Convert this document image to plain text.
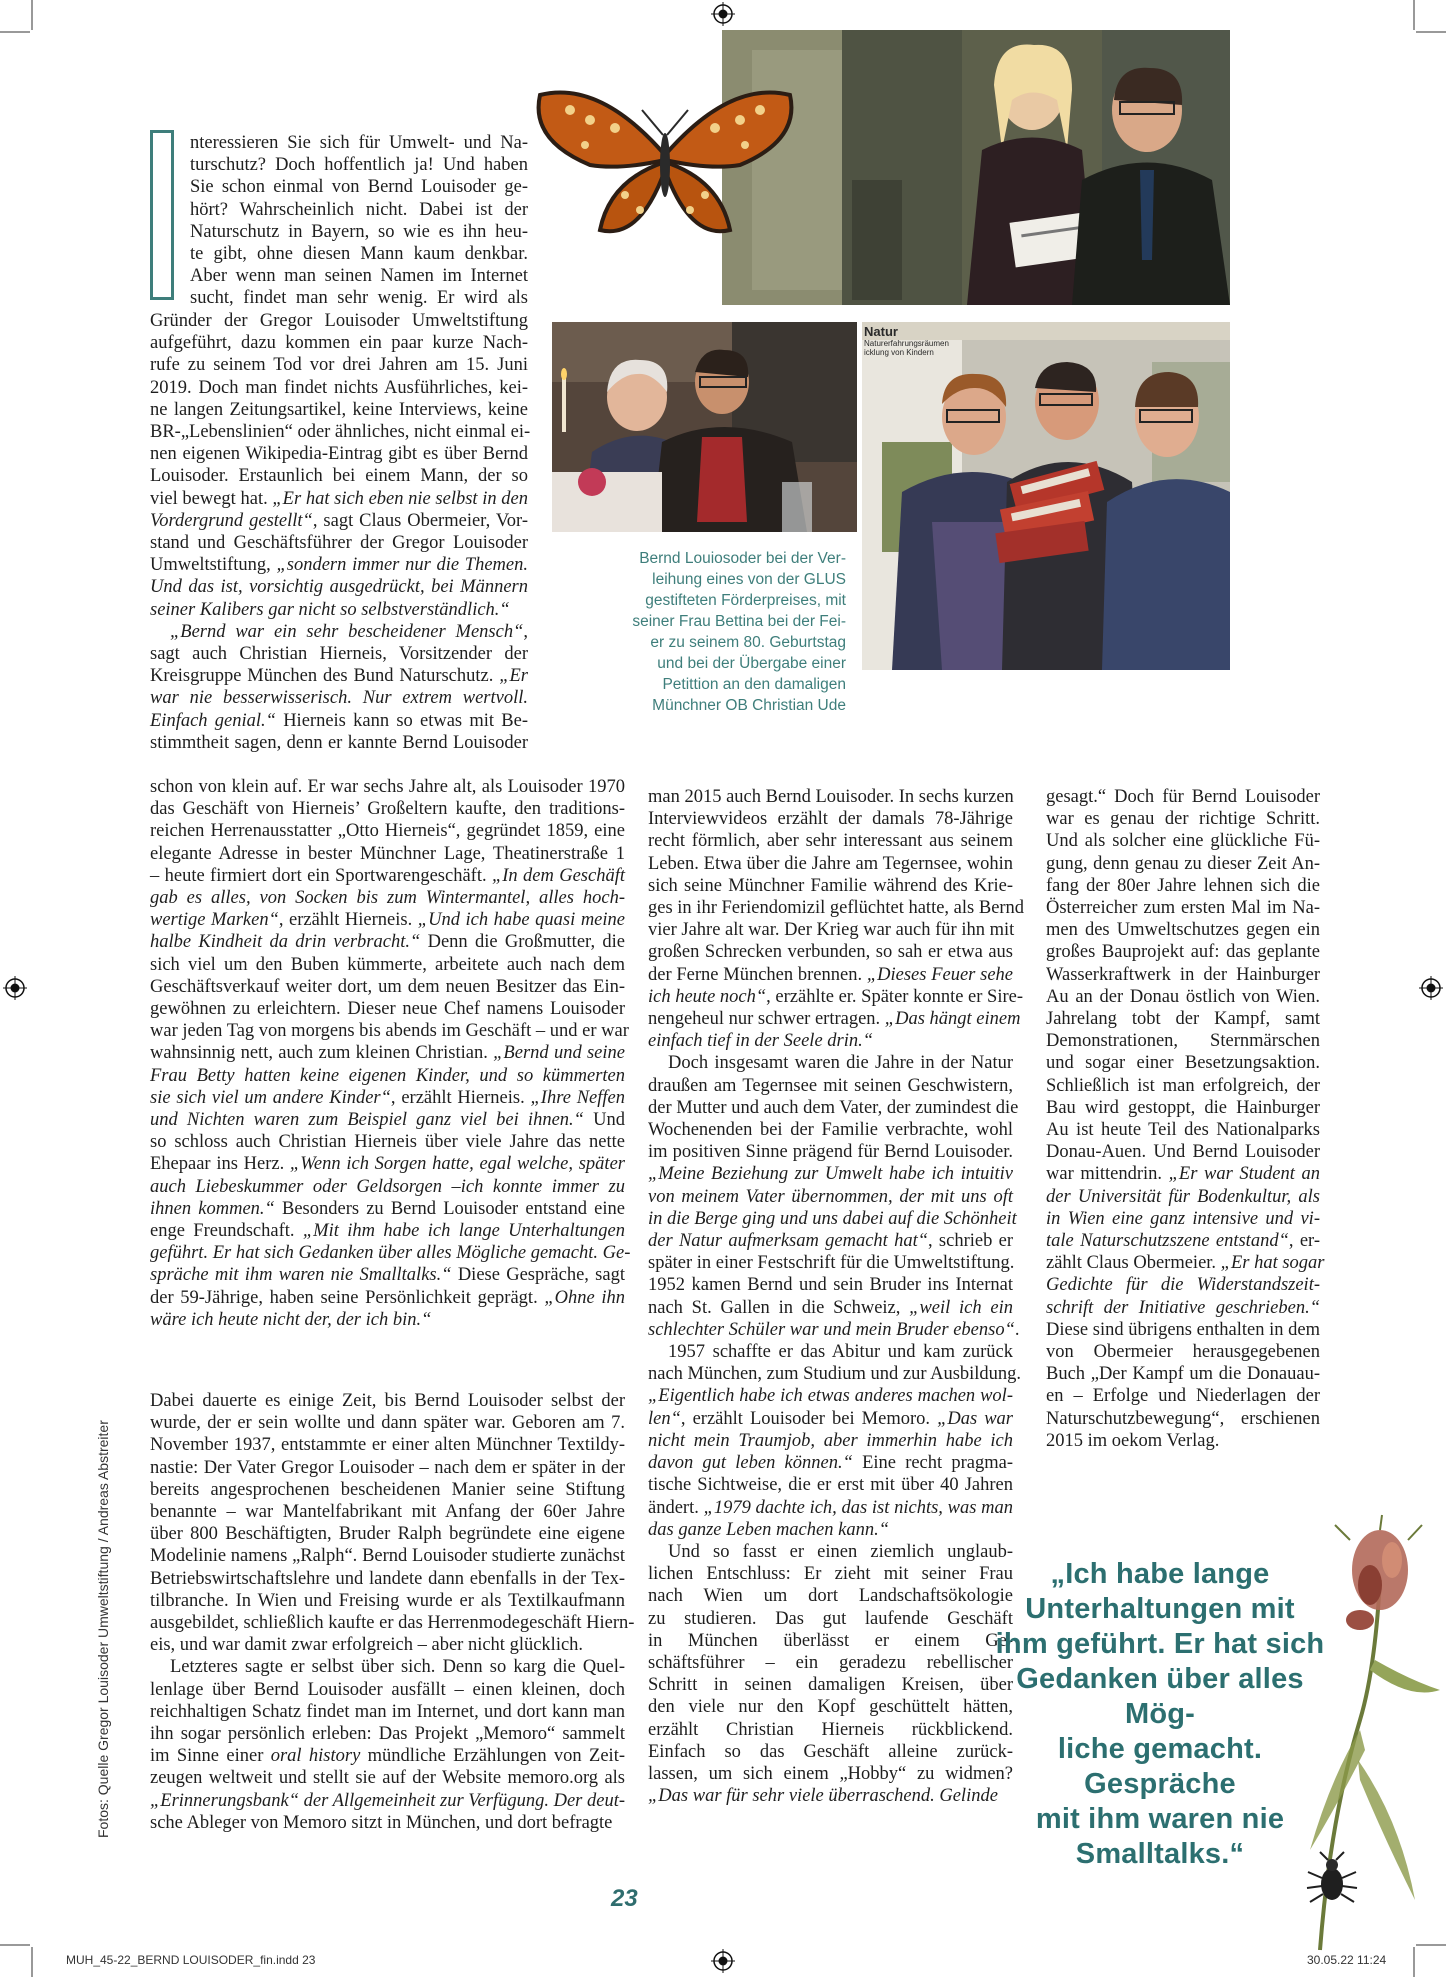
Natur
Naturerfahrungsräumen
icklung von Kindern
Bernd Louiosoder bei der Ver-
leihung eines von der GLUS
gestifteten Förderpreises, mit
seiner Frau Bettina bei der Fei-
er zu seinem 80. Geburtstag
und bei der Übergabe einer
Petittion an den damaligen
Münchner OB Christian Ude
nteressieren Sie sich für Umwelt- und Na-
turschutz? Doch hoffentlich ja! Und haben
Sie schon einmal von Bernd Louisoder ge-
hört? Wahrscheinlich nicht. Dabei ist der
Naturschutz in Bayern, so wie es ihn heu-
te gibt, ohne diesen Mann kaum denkbar.
Aber wenn man seinen Namen im Internet
sucht, findet man sehr wenig. Er wird als
Gründer der Gregor Louisoder Umweltstiftung
aufgeführt, dazu kommen ein paar kurze Nach-
rufe zu seinem Tod vor drei Jahren am 15. Juni
2019. Doch man findet nichts Ausführliches, kei-
ne langen Zeitungsartikel, keine Interviews, keine
BR-„Lebenslinien“ oder ähnliches, nicht einmal ei-
nen eigenen Wikipedia-Eintrag gibt es über Bernd
Louisoder. Erstaunlich bei einem Mann, der so
viel bewegt hat. „Er hat sich eben nie selbst in den
Vordergrund gestellt“, sagt Claus Obermeier, Vor-
stand und Geschäftsführer der Gregor Louisoder
Umweltstiftung, „sondern immer nur die Themen.
Und das ist, vorsichtig ausgedrückt, bei Männern
seiner Kalibers gar nicht so selbstverständlich.“
„Bernd war ein sehr bescheidener Mensch“,
sagt auch Christian Hierneis, Vorsitzender der
Kreisgruppe München des Bund Naturschutz. „Er
war nie besserwisserisch. Nur extrem wertvoll.
Einfach genial.“ Hierneis kann so etwas mit Be-
stimmtheit sagen, denn er kannte Bernd Louisoder
schon von klein auf. Er war sechs Jahre alt, als Louisoder 1970
das Geschäft von Hierneis’ Großeltern kaufte, den traditions-
reichen Herrenausstatter „Otto Hierneis“, gegründet 1859, eine
elegante Adresse in bester Münchner Lage, Theatinerstraße 1
– heute firmiert dort ein Sportwarengeschäft. „In dem Geschäft
gab es alles, von Socken bis zum Wintermantel, alles hoch-
wertige Marken“, erzählt Hierneis. „Und ich habe quasi meine
halbe Kindheit da drin verbracht.“ Denn die Großmutter, die
sich viel um den Buben kümmerte, arbeitete auch nach dem
Geschäftsverkauf weiter dort, um dem neuen Besitzer das Ein-
gewöhnen zu erleichtern. Dieser neue Chef namens Louisoder
war jeden Tag von morgens bis abends im Geschäft – und er war
wahnsinnig nett, auch zum kleinen Christian. „Bernd und seine
Frau Betty hatten keine eigenen Kinder, und so kümmerten
sie sich viel um andere Kinder“, erzählt Hierneis. „Ihre Neffen
und Nichten waren zum Beispiel ganz viel bei ihnen.“ Und
so schloss auch Christian Hierneis über viele Jahre das nette
Ehepaar ins Herz. „Wenn ich Sorgen hatte, egal welche, später
auch Liebeskummer oder Geldsorgen –ich konnte immer zu
ihnen kommen.“ Besonders zu Bernd Louisoder entstand eine
enge Freundschaft. „Mit ihm habe ich lange Unterhaltungen
geführt. Er hat sich Gedanken über alles Mögliche gemacht. Ge-
spräche mit ihm waren nie Smalltalks.“ Diese Gespräche, sagt
der 59-Jährige, haben seine Persönlichkeit geprägt. „Ohne ihn
wäre ich heute nicht der, der ich bin.“
Dabei dauerte es einige Zeit, bis Bernd Louisoder selbst der
wurde, der er sein wollte und dann später war. Geboren am 7.
November 1937, entstammte er einer alten Münchner Textildy-
nastie: Der Vater Gregor Louisoder – nach dem er später in der
bereits angesprochenen bescheidenen Manier seine Stiftung
benannte – war Mantelfabrikant mit Anfang der 60er Jahre
über 800 Beschäftigten, Bruder Ralph begründete eine eigene
Modelinie namens „Ralph“. Bernd Louisoder studierte zunächst
Betriebswirtschaftslehre und landete dann ebenfalls in der Tex-
tilbranche. In Wien und Freising wurde er als Textilkaufmann
ausgebildet, schließlich kaufte er das Herrenmodegeschäft Hiern-
eis, und war damit zwar erfolgreich – aber nicht glücklich.
Letzteres sagte er selbst über sich. Denn so karg die Quel-
lenlage über Bernd Louisoder ausfällt – einen kleinen, doch
reichhaltigen Schatz findet man im Internet, und dort kann man
ihn sogar persönlich erleben: Das Projekt „Memoro“ sammelt
im Sinne einer oral history mündliche Erzählungen von Zeit-
zeugen weltweit und stellt sie auf der Website memoro.org als
„Erinnerungsbank“ der Allgemeinheit zur Verfügung. Der deut-
sche Ableger von Memoro sitzt in München, und dort befragte
man 2015 auch Bernd Louisoder. In sechs kurzen
Interviewvideos erzählt der damals 78-Jährige
recht förmlich, aber sehr interessant aus seinem
Leben. Etwa über die Jahre am Tegernsee, wohin
sich seine Münchner Familie während des Krie-
ges in ihr Feriendomizil geflüchtet hatte, als Bernd
vier Jahre alt war. Der Krieg war auch für ihn mit
großen Schrecken verbunden, so sah er etwa aus
der Ferne München brennen. „Dieses Feuer sehe
ich heute noch“, erzählte er. Später konnte er Sire-
nengeheul nur schwer ertragen. „Das hängt einem
einfach tief in der Seele drin.“
Doch insgesamt waren die Jahre in der Natur
draußen am Tegernsee mit seinen Geschwistern,
der Mutter und auch dem Vater, der zumindest die
Wochenenden bei der Familie verbrachte, wohl
im positiven Sinne prägend für Bernd Louisoder.
„Meine Beziehung zur Umwelt habe ich intuitiv
von meinem Vater übernommen, der mit uns oft
in die Berge ging und uns dabei auf die Schönheit
der Natur aufmerksam gemacht hat“, schrieb er
später in einer Festschrift für die Umweltstiftung.
1952 kamen Bernd und sein Bruder ins Internat
nach St. Gallen in die Schweiz, „weil ich ein
schlechter Schüler war und mein Bruder ebenso“.
1957 schaffte er das Abitur und kam zurück
nach München, zum Studium und zur Ausbildung.
„Eigentlich habe ich etwas anderes machen wol-
len“, erzählt Louisoder bei Memoro. „Das war
nicht mein Traumjob, aber immerhin habe ich
davon gut leben können.“ Eine recht pragma-
tische Sichtweise, die er erst mit über 40 Jahren
ändert. „1979 dachte ich, das ist nichts, was man
das ganze Leben machen kann.“
Und so fasst er einen ziemlich unglaub-
lichen Entschluss: Er zieht mit seiner Frau
nach Wien um dort Landschaftsökologie
zu studieren. Das gut laufende Geschäft
in München überlässt er einem Ge-
schäftsführer – ein geradezu rebellischer
Schritt in seinen damaligen Kreisen, über
den viele nur den Kopf geschüttelt hätten,
erzählt Christian Hierneis rückblickend.
Einfach so das Geschäft alleine zurück-
lassen, um sich einem „Hobby“ zu widmen?
„Das war für sehr viele überraschend. Gelinde
gesagt.“ Doch für Bernd Louisoder
war es genau der richtige Schritt.
Und als solcher eine glückliche Fü-
gung, denn genau zu dieser Zeit An-
fang der 80er Jahre lehnen sich die
Österreicher zum ersten Mal im Na-
men des Umweltschutzes gegen ein
großes Bauprojekt auf: das geplante
Wasserkraftwerk in der Hainburger
Au an der Donau östlich von Wien.
Jahrelang tobt der Kampf, samt
Demonstrationen, Sternmärschen
und sogar einer Besetzungsaktion.
Schließlich ist man erfolgreich, der
Bau wird gestoppt, die Hainburger
Au ist heute Teil des Nationalparks
Donau-Auen. Und Bernd Louisoder
war mittendrin. „Er war Student an
der Universität für Bodenkultur, als
in Wien eine ganz intensive und vi-
tale Naturschutzszene entstand“, er-
zählt Claus Obermeier. „Er hat sogar
Gedichte für die Widerstandszeit-
schrift der Initiative geschrieben.“
Diese sind übrigens enthalten in dem
von Obermeier herausgegebenen
Buch „Der Kampf um die Donauau-
en – Erfolge und Niederlagen der
Naturschutzbewegung“, erschienen
2015 im oekom Verlag.
„Ich habe lange
Unterhaltungen mit
ihm geführt. Er hat sich
Gedanken über alles Mög-
liche gemacht. Gespräche
mit ihm waren nie
Smalltalks.“
Fotos: Quelle Gregor Louisoder Umweltstiftung / Andreas Abstreiter
23
MUH_45-22_BERND LOUISODER_fin.indd 23	30.05.22 11:24
